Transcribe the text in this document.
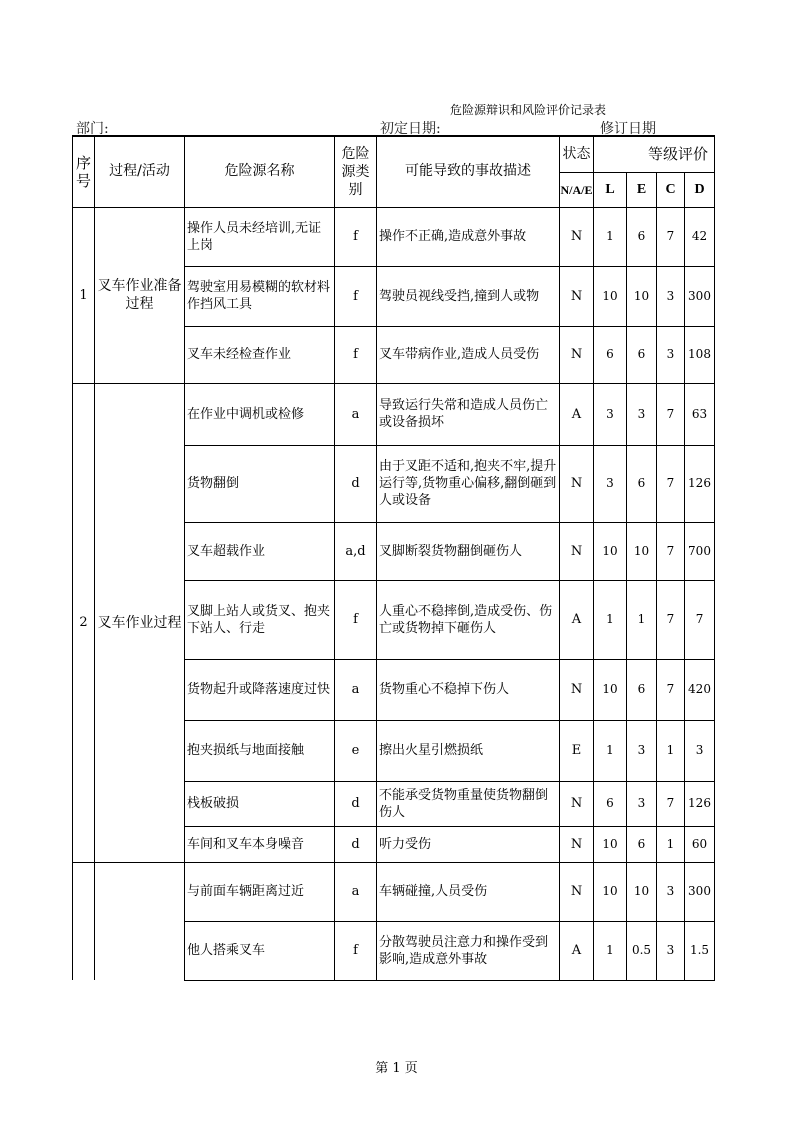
危险源辩识和风险评价记录表
部门:	初定日期:	修订日期
序号	过程/活动	危险源名称	危险源类别	可能导致的事故描述	状态	等级评价			
					N/A/E	L	E	C	D
1	叉车作业准备过程	操作人员未经培训,无证上岗	f	操作不正确,造成意外事故	N	1	6	7	42
		驾驶室用易模糊的软材料作挡风工具	f	驾驶员视线受挡,撞到人或物	N	10	10	3	300
		叉车未经检查作业	f	叉车带病作业,造成人员受伤	N	6	6	3	108
2	叉车作业过程	在作业中调机或检修	a	导致运行失常和造成人员伤亡或设备损坏	A	3	3	7	63
		货物翻倒	d	由于叉距不适和,抱夹不牢,提升运行等,货物重心偏移,翻倒砸到人或设备	N	3	6	7	126
		叉车超载作业	a,d	叉脚断裂货物翻倒砸伤人	N	10	10	7	700
		叉脚上站人或货叉、抱夹下站人、行走	f	人重心不稳摔倒,造成受伤、伤亡或货物掉下砸伤人	A	1	1	7	7
		货物起升或降落速度过快	a	货物重心不稳掉下伤人	N	10	6	7	420
		抱夹损纸与地面接触	e	擦出火星引燃损纸	E	1	3	1	3
		栈板破损	d	不能承受货物重量使货物翻倒伤人	N	6	3	7	126
		车间和叉车本身噪音	d	听力受伤	N	10	6	1	60
		与前面车辆距离过近	a	车辆碰撞,人员受伤	N	10	10	3	300
		他人搭乘叉车	f	分散驾驶员注意力和操作受到影响,造成意外事故	A	1	0.5	3	1.5
第 1 页
